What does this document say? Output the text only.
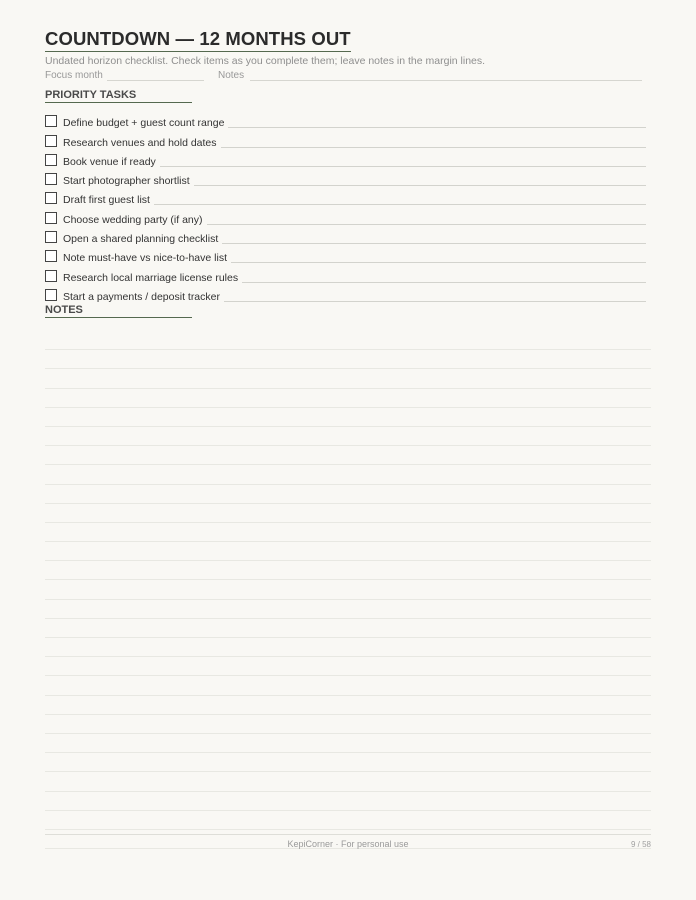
COUNTDOWN — 12 MONTHS OUT
Undated horizon checklist. Check items as you complete them; leave notes in the margin lines.
Focus month	Notes
PRIORITY TASKS
Define budget + guest count range
Research venues and hold dates
Book venue if ready
Start photographer shortlist
Draft first guest list
Choose wedding party (if any)
Open a shared planning checklist
Note must-have vs nice-to-have list
Research local marriage license rules
Start a payments / deposit tracker
NOTES
KepiCorner · For personal use	9 / 58
